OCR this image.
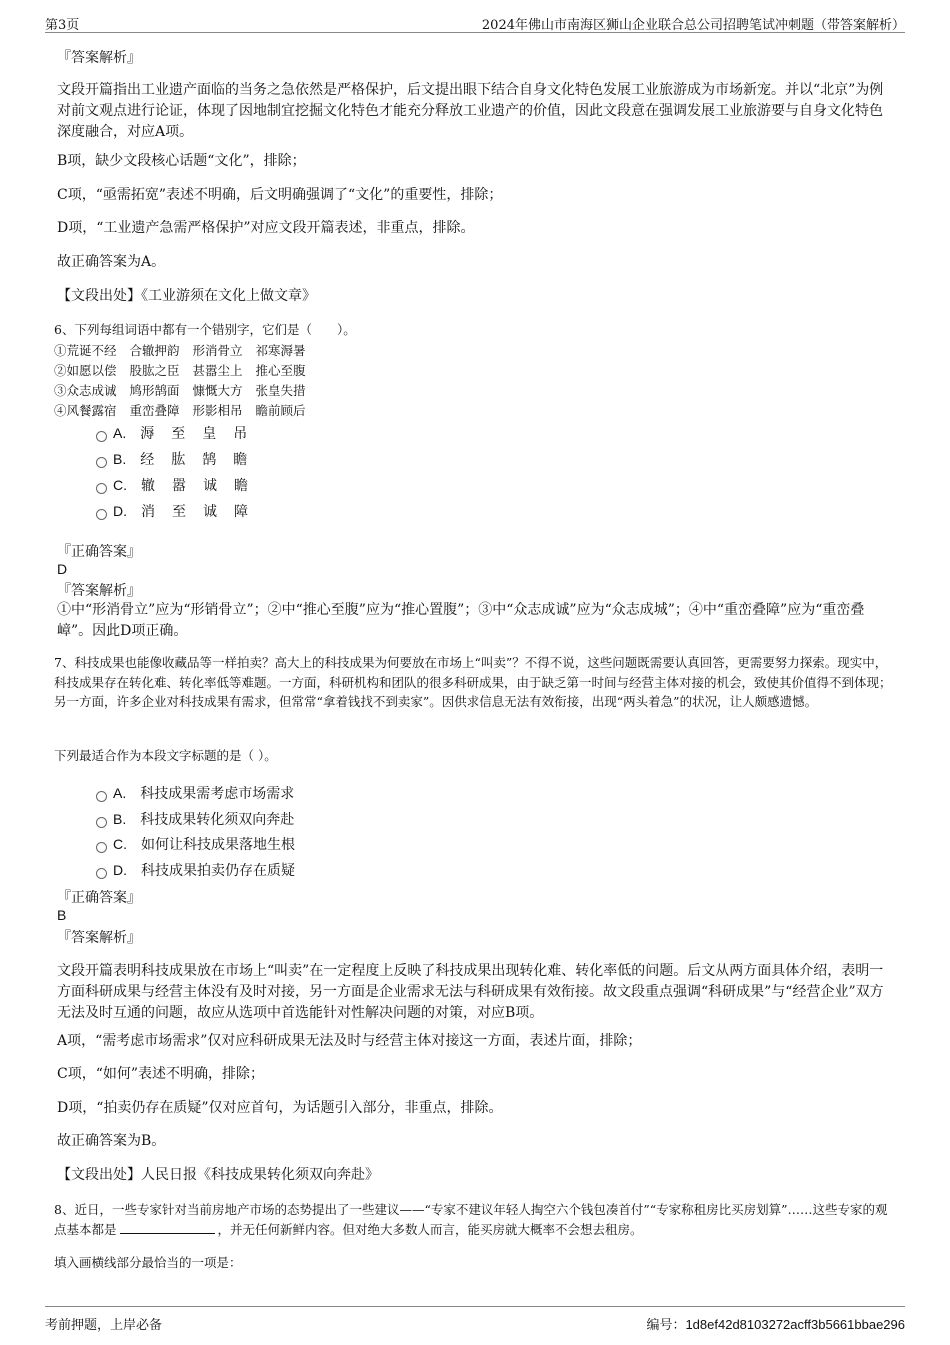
第3页	2024年佛山市南海区狮山企业联合总公司招聘笔试冲刺题（带答案解析）
『答案解析』

文段开篇指出工业遗产面临的当务之急依然是严格保护，后文提出眼下结合自身文化特色发展工业旅游成为市场新宠。并以“北京”为例对前文观点进行论证，体现了因地制宜挖掘文化特色才能充分释放工业遗产的价值，因此文段意在强调发展工业旅游要与自身文化特色深度融合，对应A项。

B项，缺少文段核心话题“文化”，排除；

C项，“亟需拓宽”表述不明确，后文明确强调了“文化”的重要性，排除；

D项，“工业遗产急需严格保护”对应文段开篇表述，非重点，排除。

故正确答案为A。

【文段出处】《工业游须在文化上做文章》

6、下列每组词语中都有一个错别字，它们是（　　）。

①荒诞不经 合辙押韵 形消骨立 祁寒溽暑
②如愿以偿 股肱之臣 甚嚣尘上 推心至腹
③众志成诚 鸠形鹄面 慷慨大方 张皇失措
④风餐露宿 重峦叠障 形影相吊 瞻前顾后
A . 溽 至 皇 吊
B . 经 肱 鹄 瞻
C . 辙 嚣 诚 瞻
D . 消 至 诚 障
『正确答案』
D
『答案解析』

①中“形消骨立”应为“形销骨立”；②中“推心至腹”应为“推心置腹”；③中“众志成诚”应为“众志成城”；④中“重峦叠障”应为“重峦叠嶂”。因此D项正确。

7、科技成果也能像收藏品等一样拍卖？高大上的科技成果为何要放在市场上“叫卖”？不得不说，这些问题既需要认真回答，更需要努力探索。现实中，科技成果存在转化难、转化率低等难题。一方面，科研机构和团队的很多科研成果，由于缺乏第一时间与经营主体对接的机会，致使其价值得不到体现；另一方面，许多企业对科技成果有需求，但常常“拿着钱找不到卖家”。因供求信息无法有效衔接，出现“两头着急”的状况，让人颇感遗憾。

下列最适合作为本段文字标题的是（ ）。

A . 科技成果需考虑市场需求
B . 科技成果转化须双向奔赴
C . 如何让科技成果落地生根
D . 科技成果拍卖仍存在质疑
『正确答案』
B
『答案解析』

文段开篇表明科技成果放在市场上“叫卖”在一定程度上反映了科技成果出现转化难、转化率低的问题。后文从两方面具体介绍，表明一方面科研成果与经营主体没有及时对接，另一方面是企业需求无法与科研成果有效衔接。故文段重点强调“科研成果”与“经营企业”双方无法及时互通的问题，故应从选项中首选能针对性解决问题的对策，对应B项。

A项，“需考虑市场需求”仅对应科研成果无法及时与经营主体对接这一方面，表述片面，排除；

C项，“如何”表述不明确，排除；

D项，“拍卖仍存在质疑”仅对应首句，为话题引入部分，非重点，排除。

故正确答案为B。

【文段出处】人民日报《科技成果转化须双向奔赴》

8、近日，一些专家针对当前房地产市场的态势提出了一些建议——“专家不建议年轻人掏空六个钱包凑首付”“专家称租房比买房划算”……这些专家的观点基本都是	，并无任何新鲜内容。但对绝大多数人而言，能买房就大概率不会想去租房。

填入画横线部分最恰当的一项是：

考前押题，上岸必备	编号：1d8ef42d8103272acff3b5661bbae296
